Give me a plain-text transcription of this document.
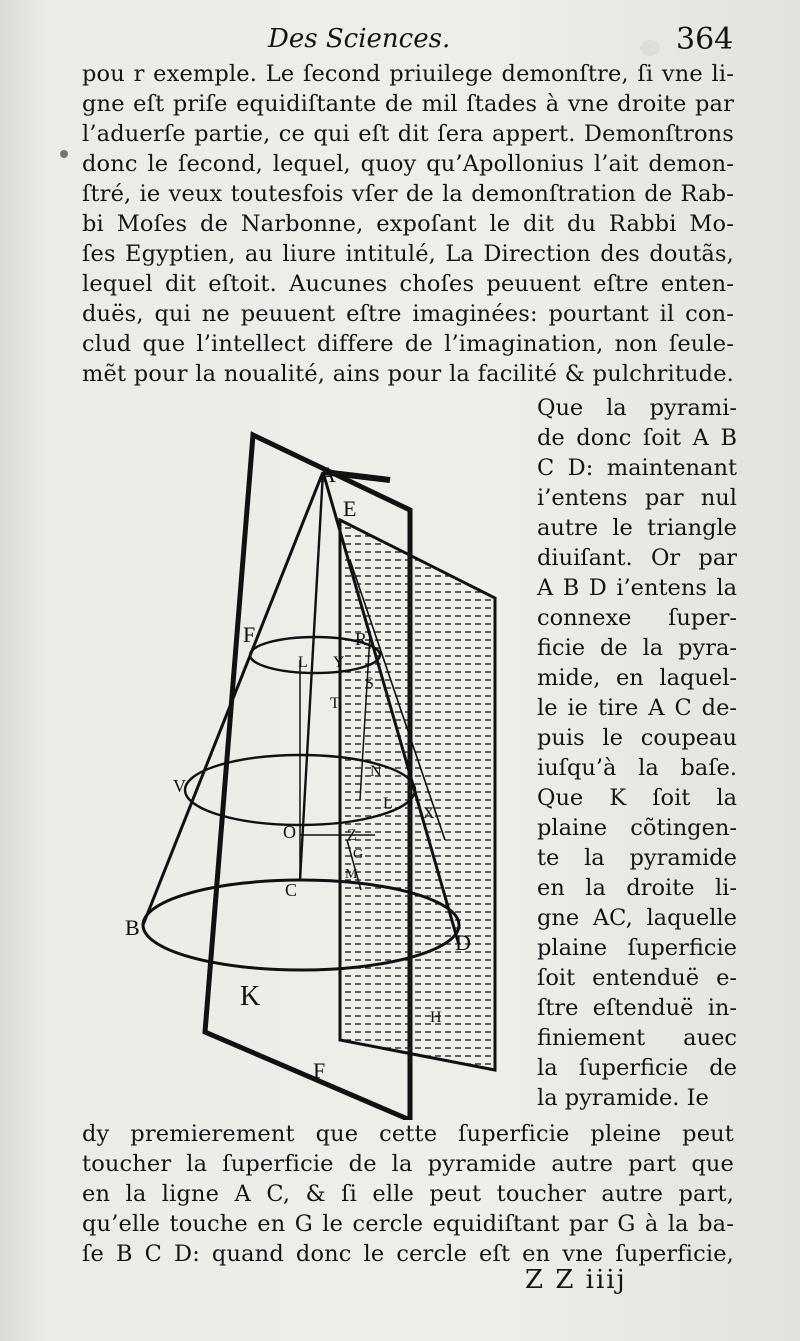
Des Sciences.	364
pou r exemple. Le ſecond priuilege demonſtre, ſi vne li-
gne eſt priſe equidiſtante de mil ſtades à vne droite par
l’aduerſe partie, ce qui eſt dit ſera appert. Demonſtrons
donc le ſecond, lequel, quoy qu’Apollonius l’ait demon-
ſtré, ie veux toutesfois vſer de la demonſtration de Rab-
bi Moſes de Narbonne, expoſant le dit du Rabbi Mo-
ſes Egyptien, au liure intitulé, La Direction des doutãs,
lequel dit eſtoit. Aucunes choſes peuuent eſtre enten-
duës, qui ne peuuent eſtre imaginées: pourtant il con-
clud que l’intellect differe de l’imagination, non ſeule-
mẽt pour la noualité, ains pour la facilité & pulchritude.
Que la pyrami-
de donc ſoit A B
C D: maintenant
i’entens par nul
autre le triangle
diuiſant. Or par
A B D i’entens la
connexe ſuper-
ficie de la pyra-
mide, en laquel-
le ie tire A C de-
puis le coupeau
iuſqu’à la baſe.
Que K ſoit la
plaine cõtingen-
te la pyramide
en la droite li-
gne AC, laquelle
plaine ſuperficie
ſoit entenduë e-
ſtre eſtenduë in-
finiement auec
la ſuperficie de
la pyramide. Ie
A
E
F
L Y
R
S
T
V
N
L
X
O	Z
G
M
C
B
D
H
K
F
dy premierement que cette ſuperficie pleine peut
toucher la ſuperficie de la pyramide autre part que
en la ligne A C, & ſi elle peut toucher autre part,
qu’elle touche en G le cercle equidiſtant par G à la ba-
ſe B C D: quand donc le cercle eſt en vne ſuperficie,
Z Z iiij
